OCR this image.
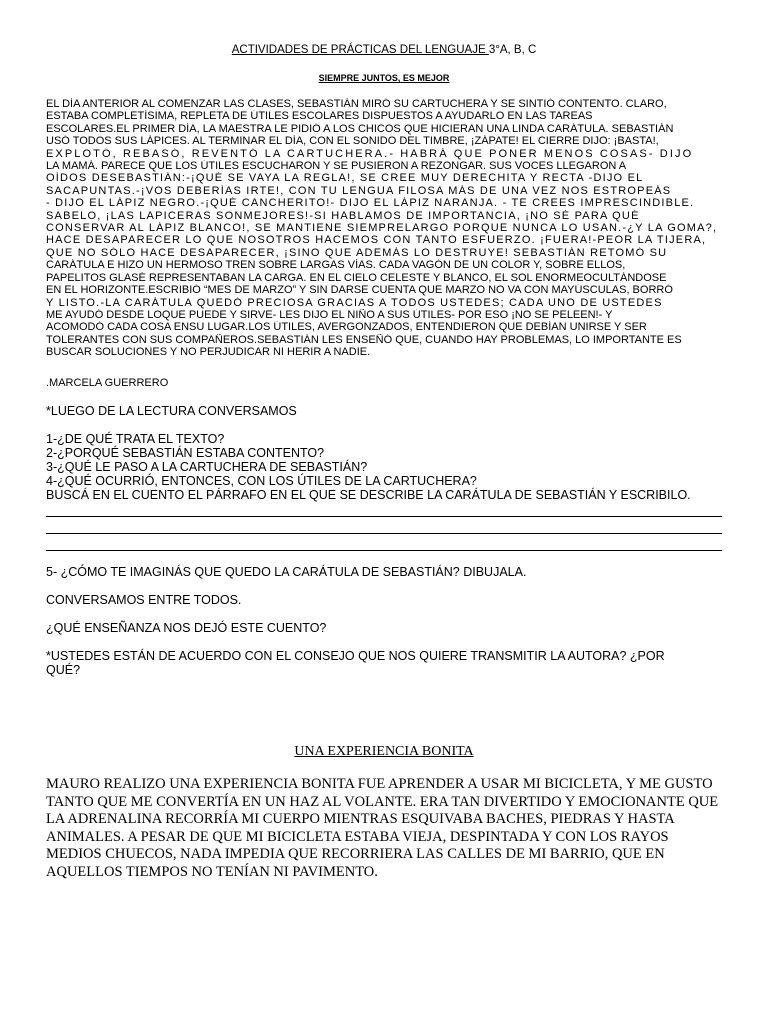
ACTIVIDADES DE PRÁCTICAS DEL LENGUAJE 3°A, B, C
SIEMPRE JUNTOS, ES MEJOR
EL DÍA ANTERIOR AL COMENZAR LAS CLASES, SEBASTIÁN MIRÓ SU CARTUCHERA Y SE SINTIÓ CONTENTO. CLARO,
ESTABA COMPLETÍSIMA, REPLETA DE ÚTILES ESCOLARES DISPUESTOS A AYUDARLO EN LAS TAREAS
ESCOLARES.EL PRIMER DÍA, LA MAESTRA LE PIDIÓ A LOS CHICOS QUE HICIERAN UNA LINDA CARÁTULA. SEBASTIÁN
USÓ TODOS SUS LÁPICES. AL TERMINAR EL DÍA, CON EL SONIDO DEL TIMBRE, ¡ZÁPATE! EL CIERRE DIJO: ¡BASTA!,
EXPLOTÓ, REBASÓ, REVENTÓ LA CARTUCHERA.- HABRÁ QUE PONER MENOS COSAS- DIJO
LA MAMÁ. PARECE QUE LOS ÚTILES ESCUCHARON Y SE PUSIERON A REZONGAR. SUS VOCES LLEGARON A
OÍDOS DESEBASTIÁN:-¡QUÉ SE VAYA LA REGLA!, SE CREE MUY DERECHITA Y RECTA -DIJO EL
SACAPUNTAS.-¡VOS DEBERÍAS IRTE!, CON TU LENGUA FILOSA MÁS DE UNA VEZ NOS ESTROPEÁS
- DIJO EL LÁPIZ NEGRO.-¡QUÉ CANCHERITO!- DIJO EL LÁPIZ NARANJA. - TE CREES IMPRESCINDIBLE.
SABELO, ¡LAS LAPICERAS SONMEJORES!-SI HABLAMOS DE IMPORTANCIA, ¡NO SÉ PARA QUÉ
CONSERVAR AL LÁPIZ BLANCO!, SE MANTIENE SIEMPRELARGO PORQUE NUNCA LO USAN.-¿Y LA GOMA?,
HACE DESAPARECER LO QUE NOSOTROS HACEMOS CON TANTO ESFUERZO. ¡FUERA!-PEOR LA TIJERA,
QUE NO SÓLO HACE DESAPARECER, ¡SINO QUE ADEMÁS LO DESTRUYE! SEBASTIÁN RETOMÓ SU
CARÁTULA E HIZO UN HERMOSO TREN SOBRE LARGAS VÍAS. CADA VAGÓN DE UN COLOR Y, SOBRE ELLOS,
PAPELITOS GLASÉ REPRESENTABAN LA CARGA. EN EL CIELO CELESTE Y BLANCO, EL SOL ENORMEOCULTÁNDOSE
EN EL HORIZONTE.ESCRIBIÓ “MES DE MARZO” Y SIN DARSE CUENTA QUE MARZO NO VA CON MAYÚSCULAS, BORRÓ
Y LISTO.-LA CARÁTULA QUEDÓ PRECIOSA GRACIAS A TODOS USTEDES; CADA UNO DE USTEDES
ME AYUDÓ DESDE LOQUE PUEDE Y SIRVE- LES DIJO EL NIÑO A SUS ÚTILES- POR ESO ¡NO SE PELEEN!- Y
ACOMODÓ CADA COSA ENSU LUGAR.LOS ÚTILES, AVERGONZADOS, ENTENDIERON QUE DEBÍAN UNIRSE Y SER
TOLERANTES CON SUS COMPAÑEROS.SEBASTIÁN LES ENSEÑÓ QUE, CUANDO HAY PROBLEMAS, LO IMPORTANTE ES
BUSCAR SOLUCIONES Y NO PERJUDICAR NI HERIR A NADIE.
.MARCELA GUERRERO
*LUEGO DE LA LECTURA CONVERSAMOS
1-¿DE QUÉ TRATA EL TEXTO?
2-¿PORQUÉ SEBASTIÁN ESTABA CONTENTO?
3-¿QUÉ LE PASO A LA CARTUCHERA DE SEBASTIÁN?
4-¿QUÉ OCURRIÓ, ENTONCES, CON LOS ÚTILES DE LA CARTUCHERA?
BUSCÁ EN EL CUENTO EL PÁRRAFO EN EL QUE SE DESCRIBE LA CARÁTULA DE SEBASTIÁN Y ESCRIBILO.
5- ¿CÓMO TE IMAGINÁS QUE QUEDO LA CARÁTULA DE SEBASTIÁN? DIBUJALA.
CONVERSAMOS ENTRE TODOS.
¿QUÉ ENSEÑANZA NOS DEJÓ ESTE CUENTO?
*USTEDES ESTÁN DE ACUERDO CON EL CONSEJO QUE NOS QUIERE TRANSMITIR LA AUTORA? ¿POR
QUÉ?
UNA EXPERIENCIA BONITA
MAURO REALIZO UNA EXPERIENCIA BONITA FUE APRENDER A USAR MI BICICLETA, Y ME GUSTO
TANTO QUE ME CONVERTÍA EN UN HAZ AL VOLANTE. ERA TAN DIVERTIDO Y EMOCIONANTE QUE
LA ADRENALINA RECORRÍA MI CUERPO MIENTRAS ESQUIVABA BACHES, PIEDRAS Y HASTA
ANIMALES. A PESAR DE QUE MI BICICLETA ESTABA VIEJA, DESPINTADA Y CON LOS RAYOS
MEDIOS CHUECOS, NADA IMPEDIA QUE RECORRIERA LAS CALLES DE MI BARRIO, QUE EN
AQUELLOS TIEMPOS NO TENÍAN NI PAVIMENTO.
